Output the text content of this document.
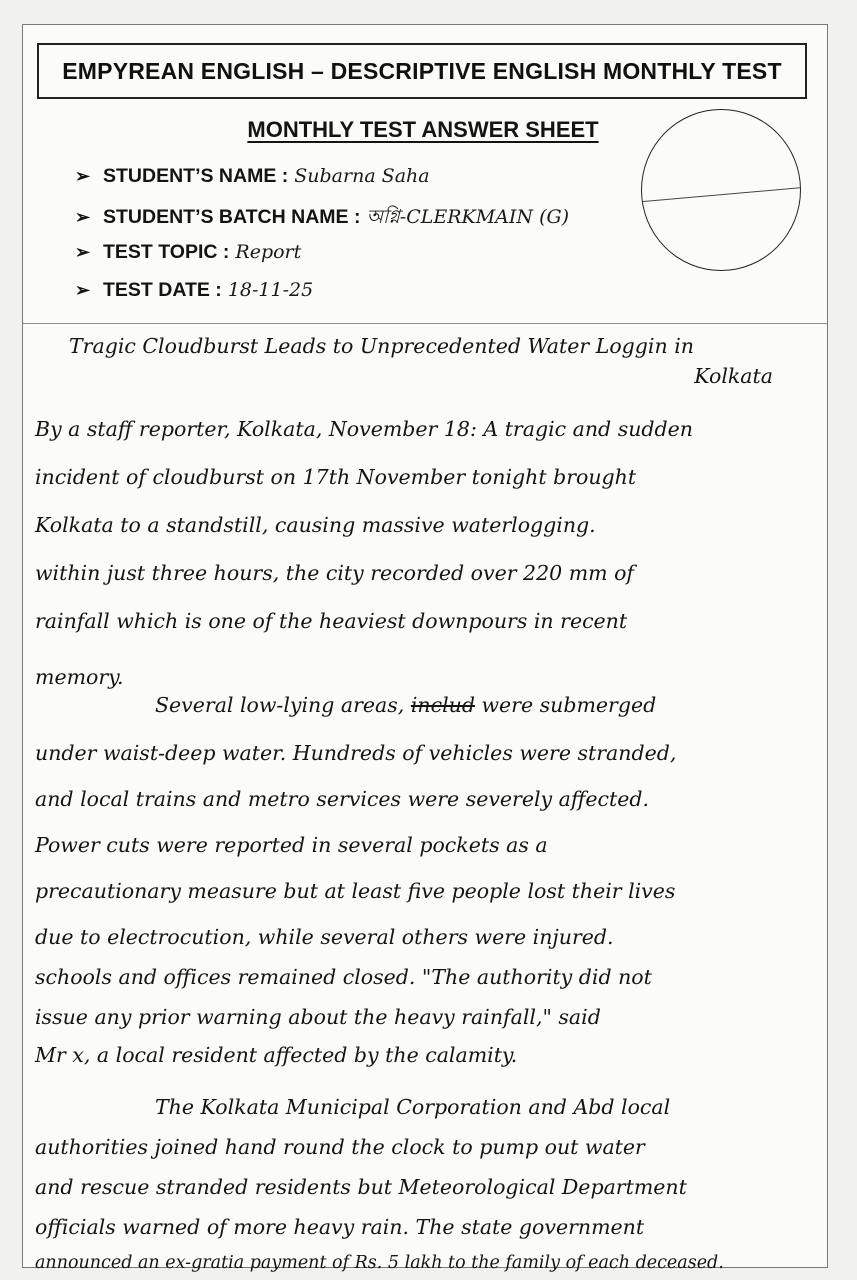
EMPYREAN ENGLISH – DESCRIPTIVE ENGLISH MONTHLY TEST
MONTHLY TEST ANSWER SHEET
➢ STUDENT’S NAME : Subarna Saha
➢ STUDENT’S BATCH NAME : অগ্নি-CLERKMAIN (G)
➢ TEST TOPIC : Report
➢ TEST DATE : 18-11-25
Tragic Cloudburst Leads to Unprecedented Water Loggin in
Kolkata
By a staff reporter, Kolkata, November 18: A tragic and sudden
incident of cloudburst on 17th November tonight brought
Kolkata to a standstill, causing massive waterlogging.
within just three hours, the city recorded over 220 mm of
rainfall which is one of the heaviest downpours in recent
memory.
Several low-lying areas, includ were submerged
under waist-deep water. Hundreds of vehicles were stranded,
and local trains and metro services were severely affected.
Power cuts were reported in several pockets as a
precautionary measure but at least five people lost their lives
due to electrocution, while several others were injured.
schools and offices remained closed. "The authority did not
issue any prior warning about the heavy rainfall," said
Mr x, a local resident affected by the calamity.
The Kolkata Municipal Corporation and Abd local
authorities joined hand round the clock to pump out water
and rescue stranded residents but Meteorological Department
officials warned of more heavy rain. The state government
announced an ex-gratia payment of Rs. 5 lakh to the family of each deceased.
